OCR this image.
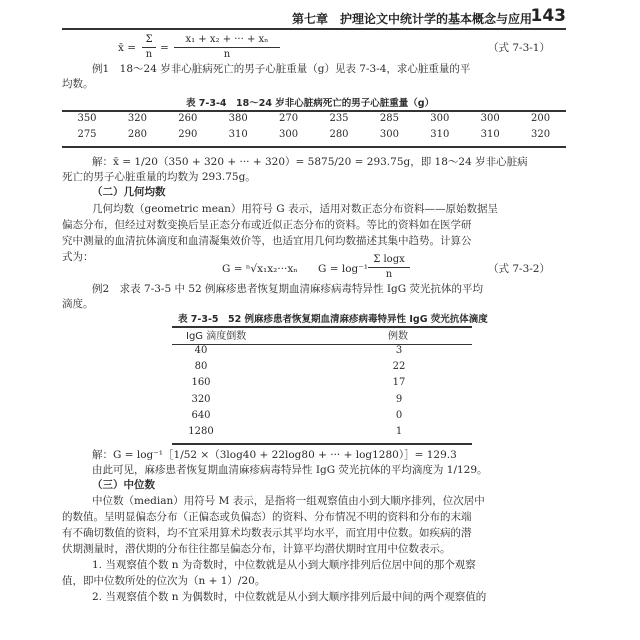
第七章　护理论文中统计学的基本概念与应用
143
x̄ =
Σ
n
=
x₁ + x₂ + ··· + xₙ
n
（式 7-3-1）
例1　18～24 岁非心脏病死亡的男子心脏重量（g）见表 7-3-4，求心脏重量的平
均数。
表 7-3-4　18～24 岁非心脏病死亡的男子心脏重量（g）
350	320	260	380	270	235	285	300	300	200
275	280	290	310	300	280	300	310	310	320
解：x̄ = 1/20（350 + 320 + ··· + 320）= 5875/20 = 293.75g，即 18～24 岁非心脏病
死亡的男子心脏重量的均数为 293.75g。
（二）几何均数
几何均数（geometric mean）用符号 G 表示，适用对数正态分布资料——原始数据呈
偏态分布，但经过对数变换后呈正态分布或近似正态分布的资料。等比的资料如在医学研
究中测量的血清抗体滴度和血清凝集效价等，也适宜用几何均数描述其集中趋势。计算公
式为：
G = ⁿ√x₁x₂···xₙ G = log⁻¹
Σ logx
n	（式 7-3-2）
例2　求表 7-3-5 中 52 例麻疹患者恢复期血清麻疹病毒特异性 IgG 荧光抗体的平均
滴度。
表 7-3-5　52 例麻疹患者恢复期血清麻疹病毒特异性 IgG 荧光抗体滴度
IgG 滴度倒数	例数
40	3
80	22
160	17
320	9
640	0
1280	1
解：G = log⁻¹［1/52 ×（3log40 + 22log80 + ··· + log1280）］= 129.3
由此可见，麻疹患者恢复期血清麻疹病毒特异性 IgG 荧光抗体的平均滴度为 1/129。
（三）中位数
中位数（median）用符号 M 表示，是指将一组观察值由小到大顺序排列，位次居中
的数值。呈明显偏态分布（正偏态或负偏态）的资料、分布情况不明的资料和分布的末端
有不确切数值的资料，均不宜采用算术均数表示其平均水平，而宜用中位数。如疾病的潜
伏期测量时，潜伏期的分布往往都呈偏态分布，计算平均潜伏期时宜用中位数表示。
1. 当观察值个数 n 为奇数时，中位数就是从小到大顺序排列后位居中间的那个观察
值，即中位数所处的位次为（n + 1）/20。
2. 当观察值个数 n 为偶数时，中位数就是从小到大顺序排列后最中间的两个观察值的
